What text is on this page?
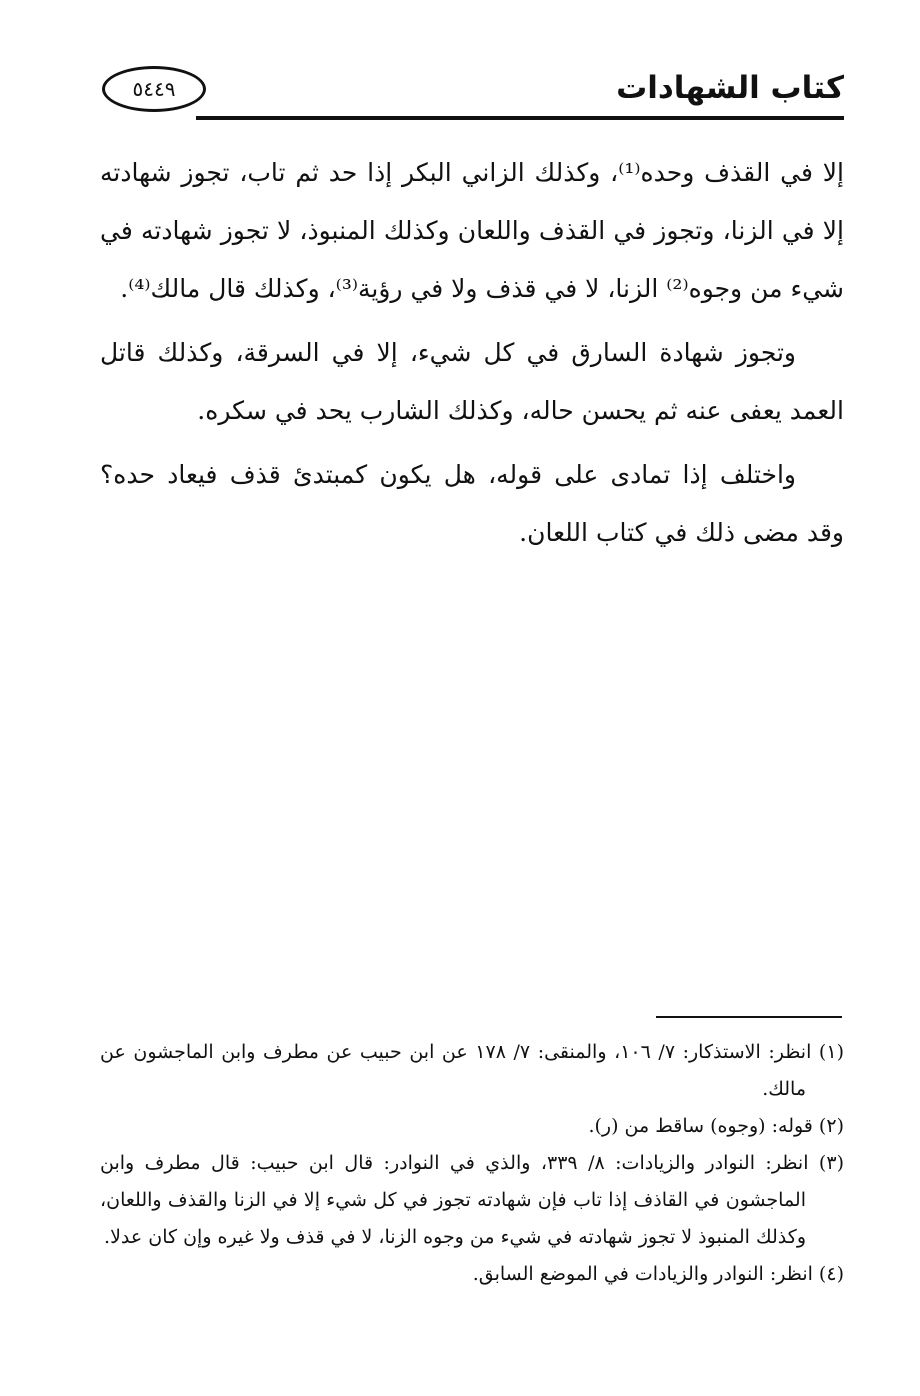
٥٤٤٩	كتاب الشهادات

إلا في القذف وحده⁽¹⁾، وكذلك الزاني البكر إذا حد ثم تاب، تجوز شهادته إلا في الزنا، وتجوز في القذف واللعان وكذلك المنبوذ، لا تجوز شهادته في شيء من وجوه⁽²⁾ الزنا، لا في قذف ولا في رؤية⁽³⁾، وكذلك قال مالك⁽⁴⁾.

وتجوز شهادة السارق في كل شيء، إلا في السرقة، وكذلك قاتل العمد يعفى عنه ثم يحسن حاله، وكذلك الشارب يحد في سكره.

واختلف إذا تمادى على قوله، هل يكون كمبتدئ قذف فيعاد حده؟ وقد مضى ذلك في كتاب اللعان.

(١) انظر: الاستذكار: ٧/ ١٠٦، والمنقى: ٧/ ١٧٨ عن ابن حبيب عن مطرف وابن الماجشون عن مالك.

(٢) قوله: (وجوه) ساقط من (ر).

(٣) انظر: النوادر والزيادات: ٨/ ٣٣٩، والذي في النوادر: قال ابن حبيب: قال مطرف وابن الماجشون في القاذف إذا تاب فإن شهادته تجوز في كل شيء إلا في الزنا والقذف واللعان، وكذلك المنبوذ لا تجوز شهادته في شيء من وجوه الزنا، لا في قذف ولا غيره وإن كان عدلا.

(٤) انظر: النوادر والزيادات في الموضع السابق.
